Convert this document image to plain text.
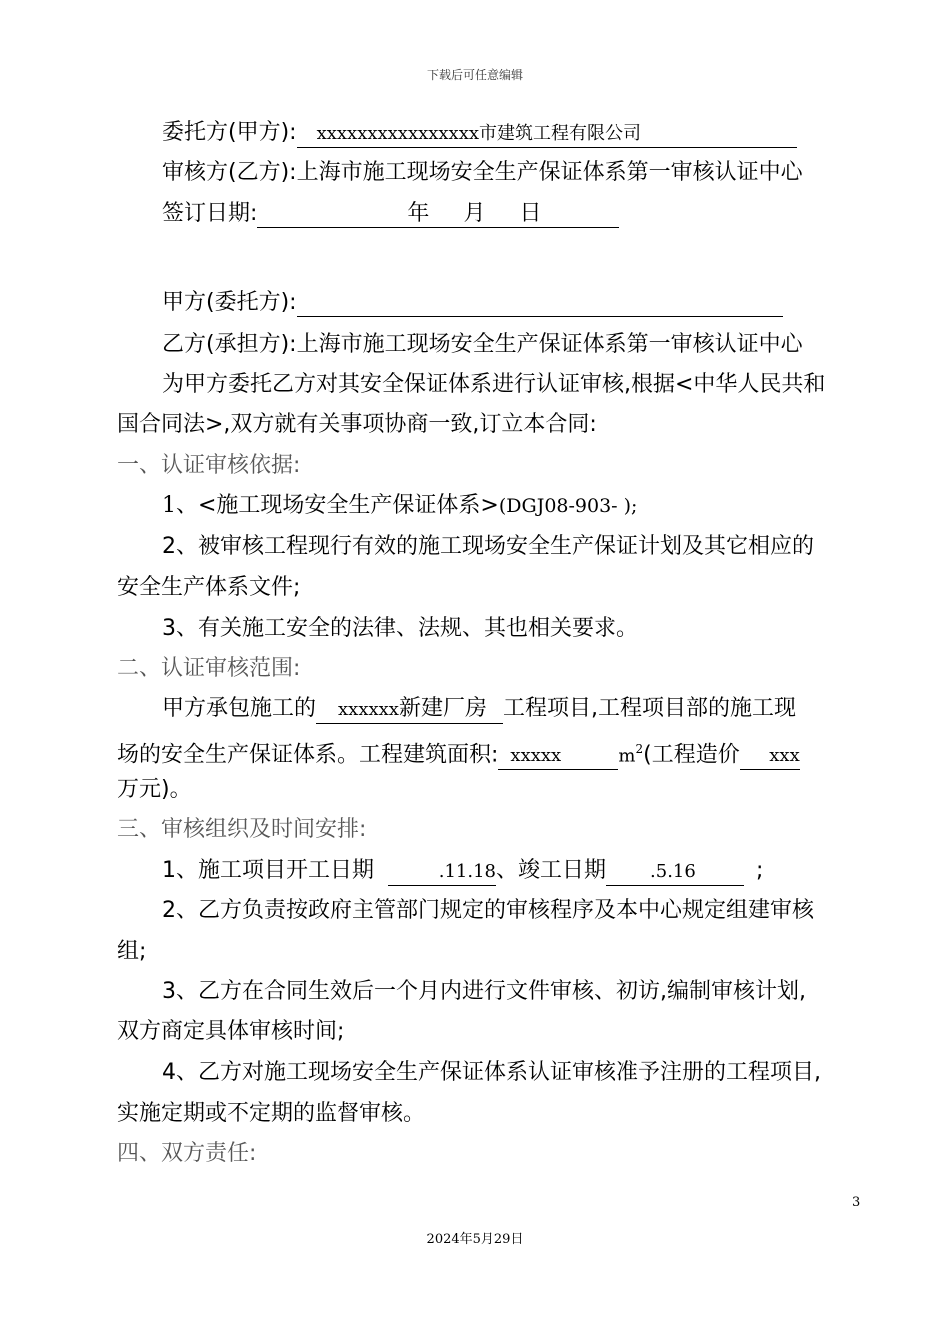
下载后可任意编辑
委托方(甲方): xxxxxxxxxxxxxxxx市建筑工程有限公司
审核方(乙方):上海市施工现场安全生产保证体系第一审核认证中心
签订日期:	年 月 日
甲方(委托方):
乙方(承担方):上海市施工现场安全生产保证体系第一审核认证中心
为甲方委托乙方对其安全保证体系进行认证审核,根据<中华人民共和
国合同法>,双方就有关事项协商一致,订立本合同:
一、认证审核依据:
1、<施工现场安全生产保证体系>(DGJ08-903- );
2、被审核工程现行有效的施工现场安全生产保证计划及其它相应的
安全生产体系文件;
3、有关施工安全的法律、法规、其也相关要求。
二、认证审核范围:
甲方承包施工的 xxxxxx新建厂房 工程项目,工程项目部的施工现
场的安全生产保证体系。工程建筑面积: xxxxx	$m^2$(工程造价 xxx
万元)。
三、审核组织及时间安排:
1、施工项目开工日期	.11.18、竣工日期 .5.16	;
2、乙方负责按政府主管部门规定的审核程序及本中心规定组建审核
组;
3、乙方在合同生效后一个月内进行文件审核、初访,编制审核计划,
双方商定具体审核时间;
4、乙方对施工现场安全生产保证体系认证审核准予注册的工程项目,
实施定期或不定期的监督审核。
四、双方责任:
3
2024年5月29日
